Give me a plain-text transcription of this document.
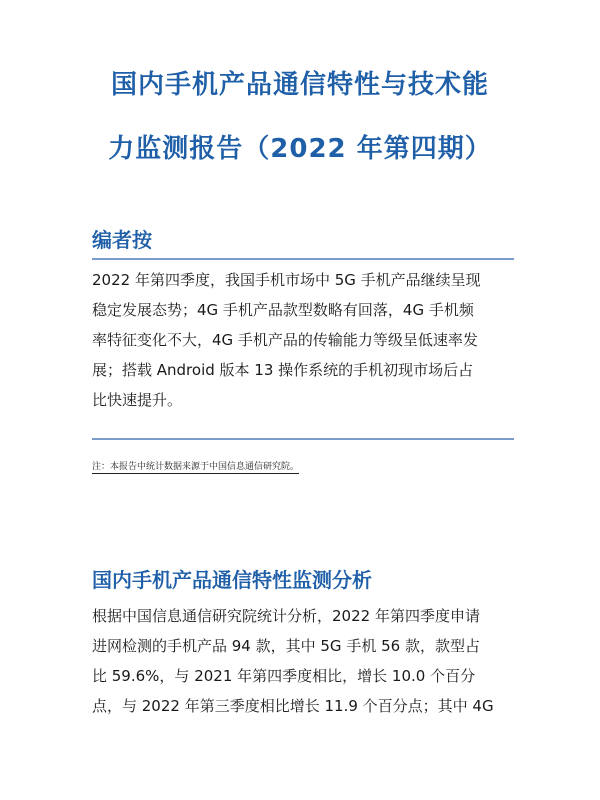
国内手机产品通信特性与技术能
力监测报告（2022 年第四期）
编者按
2022 年第四季度，我国手机市场中 5G 手机产品继续呈现
稳定发展态势；4G 手机产品款型数略有回落，4G 手机频
率特征变化不大，4G 手机产品的传输能力等级呈低速率发
展；搭载 Android 版本 13 操作系统的手机初现市场后占
比快速提升。
注：本报告中统计数据来源于中国信息通信研究院。
国内手机产品通信特性监测分析
根据中国信息通信研究院统计分析，2022 年第四季度申请
进网检测的手机产品 94 款，其中 5G 手机 56 款，款型占
比 59.6%，与 2021 年第四季度相比，增长 10.0 个百分
点，与 2022 年第三季度相比增长 11.9 个百分点；其中 4G
